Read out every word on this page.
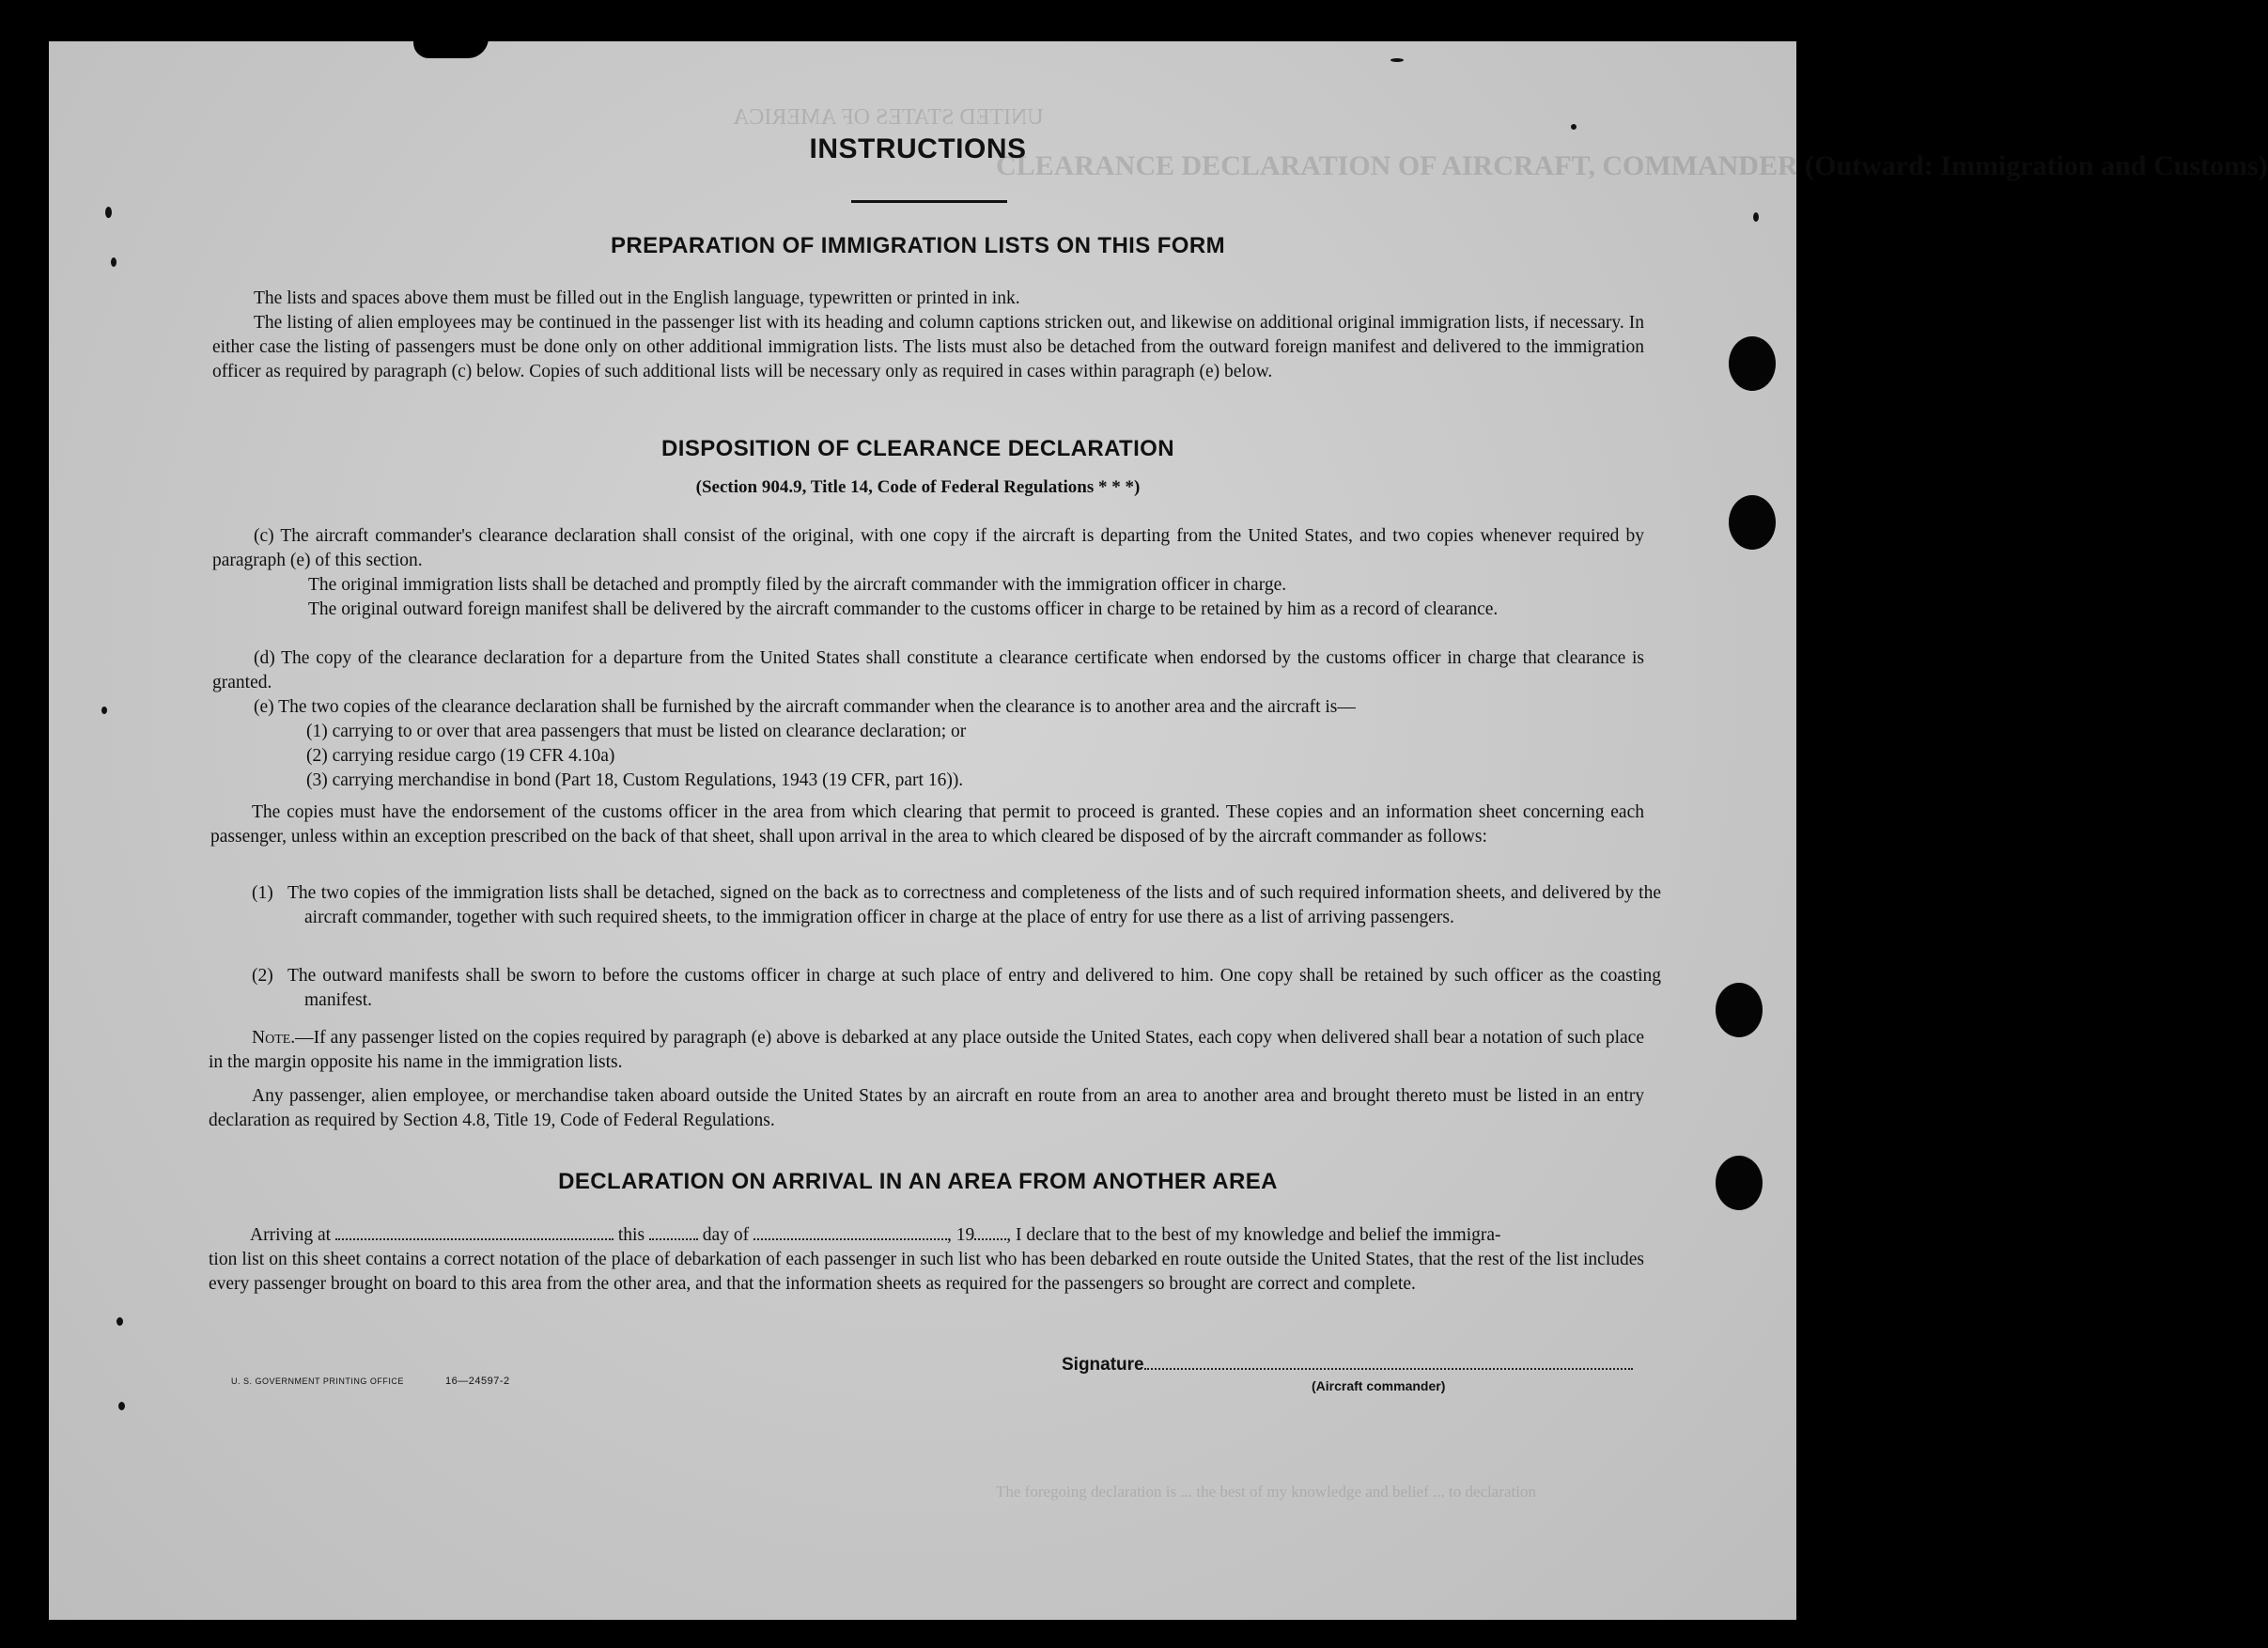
UNITED STATES OF AMERICA
CLEARANCE DECLARATION OF AIRCRAFT, COMMANDER (Outward: Immigration and Customs)
The foregoing declaration is ... the best of my knowledge and belief ... to declaration
INSTRUCTIONS
PREPARATION OF IMMIGRATION LISTS ON THIS FORM
The lists and spaces above them must be filled out in the English language, typewritten or printed in ink.
The listing of alien employees may be continued in the passenger list with its heading and column captions stricken out, and likewise on additional original immigration lists, if necessary. In either case the listing of passengers must be done only on other additional immigration lists. The lists must also be detached from the outward foreign manifest and delivered to the immigration officer as required by paragraph (c) below. Copies of such additional lists will be necessary only as required in cases within paragraph (e) below.
DISPOSITION OF CLEARANCE DECLARATION
(Section 904.9, Title 14, Code of Federal Regulations * * *)
(c) The aircraft commander's clearance declaration shall consist of the original, with one copy if the aircraft is departing from the United States, and two copies whenever required by paragraph (e) of this section.
The original immigration lists shall be detached and promptly filed by the aircraft commander with the immigration officer in charge.
The original outward foreign manifest shall be delivered by the aircraft commander to the customs officer in charge to be retained by him as a record of clearance.
(d) The copy of the clearance declaration for a departure from the United States shall constitute a clearance certificate when endorsed by the customs officer in charge that clearance is granted.
(e) The two copies of the clearance declaration shall be furnished by the aircraft commander when the clearance is to another area and the aircraft is—
(1) carrying to or over that area passengers that must be listed on clearance declaration; or
(2) carrying residue cargo (19 CFR 4.10a)
(3) carrying merchandise in bond (Part 18, Custom Regulations, 1943 (19 CFR, part 16)).
The copies must have the endorsement of the customs officer in the area from which clearing that permit to proceed is granted. These copies and an information sheet concerning each passenger, unless within an exception prescribed on the back of that sheet, shall upon arrival in the area to which cleared be disposed of by the aircraft commander as follows:
(1) The two copies of the immigration lists shall be detached, signed on the back as to correctness and completeness of the lists and of such required information sheets, and delivered by the aircraft commander, together with such required sheets, to the immigration officer in charge at the place of entry for use there as a list of arriving passengers.
(2) The outward manifests shall be sworn to before the customs officer in charge at such place of entry and delivered to him. One copy shall be retained by such officer as the coasting manifest.
Note.—If any passenger listed on the copies required by paragraph (e) above is debarked at any place outside the United States, each copy when delivered shall bear a notation of such place in the margin opposite his name in the immigration lists.
Any passenger, alien employee, or merchandise taken aboard outside the United States by an aircraft en route from an area to another area and brought thereto must be listed in an entry declaration as required by Section 4.8, Title 19, Code of Federal Regulations.
DECLARATION ON ARRIVAL IN AN AREA FROM ANOTHER AREA
Arriving at	this	day of	, 19 , I declare that to the best of my knowledge and belief the immigra-
tion list on this sheet contains a correct notation of the place of debarkation of each passenger in such list who has been debarked en route outside the United States, that the rest of the list includes every passenger brought on board to this area from the other area, and that the information sheets as required for the passengers so brought are correct and complete.
Signature
(Aircraft commander)
U. S. GOVERNMENT PRINTING OFFICE	16—24597-2
